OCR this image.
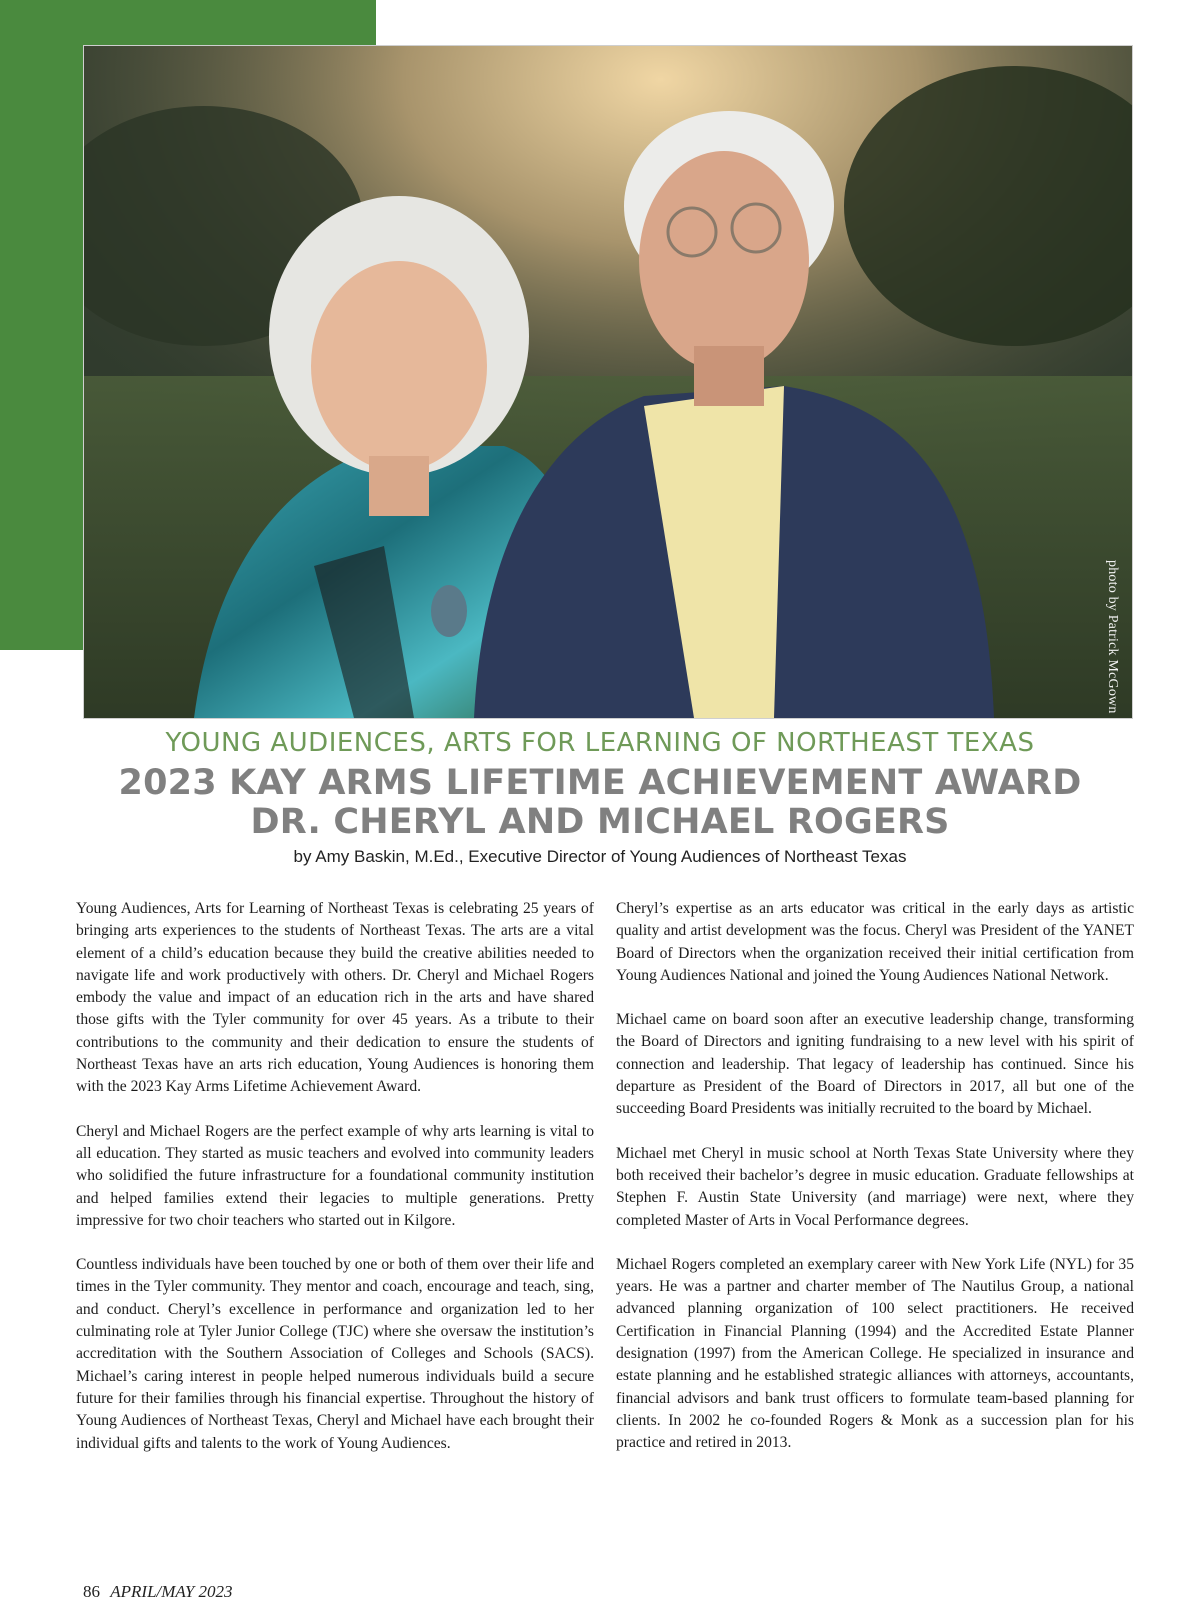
photo by Patrick McGown
YOUNG AUDIENCES, ARTS FOR LEARNING OF NORTHEAST TEXAS
2023 KAY ARMS LIFETIME ACHIEVEMENT AWARD
DR. CHERYL AND MICHAEL ROGERS
by Amy Baskin, M.Ed., Executive Director of Young Audiences of Northeast Texas

Young Audiences, Arts for Learning of Northeast Texas is celebrating 25 years of bringing arts experiences to the students of Northeast Texas. The arts are a vital element of a child’s education because they build the creative abilities needed to navigate life and work productively with others. Dr. Cheryl and Michael Rogers embody the value and impact of an education rich in the arts and have shared those gifts with the Tyler community for over 45 years. As a tribute to their contributions to the community and their dedication to ensure the students of Northeast Texas have an arts rich education, Young Audiences is honoring them with the 2023 Kay Arms Lifetime Achievement Award.

Cheryl and Michael Rogers are the perfect example of why arts learning is vital to all education. They started as music teachers and evolved into community leaders who solidified the future infrastructure for a foundational community institution and helped families extend their legacies to multiple generations. Pretty impressive for two choir teachers who started out in Kilgore.

Countless individuals have been touched by one or both of them over their life and times in the Tyler community. They mentor and coach, encourage and teach, sing, and conduct. Cheryl’s excellence in performance and organization led to her culminating role at Tyler Junior College (TJC) where she oversaw the institution’s accreditation with the Southern Association of Colleges and Schools (SACS). Michael’s caring interest in people helped numerous individuals build a secure future for their families through his financial expertise. Throughout the history of Young Audiences of Northeast Texas, Cheryl and Michael have each brought their individual gifts and talents to the work of Young Audiences.

Cheryl’s expertise as an arts educator was critical in the early days as artistic quality and artist development was the focus. Cheryl was President of the YANET Board of Directors when the organization received their initial certification from Young Audiences National and joined the Young Audiences National Network.

Michael came on board soon after an executive leadership change, transforming the Board of Directors and igniting fundraising to a new level with his spirit of connection and leadership. That legacy of leadership has continued. Since his departure as President of the Board of Directors in 2017, all but one of the succeeding Board Presidents was initially recruited to the board by Michael.

Michael met Cheryl in music school at North Texas State University where they both received their bachelor’s degree in music education. Graduate fellowships at Stephen F. Austin State University (and marriage) were next, where they completed Master of Arts in Vocal Performance degrees.

Michael Rogers completed an exemplary career with New York Life (NYL) for 35 years. He was a partner and charter member of The Nautilus Group, a national advanced planning organization of 100 select practitioners. He received Certification in Financial Planning (1994) and the Accredited Estate Planner designation (1997) from the American College. He specialized in insurance and estate planning and he established strategic alliances with attorneys, accountants, financial advisors and bank trust officers to formulate team-based planning for clients. In 2002 he co-founded Rogers & Monk as a succession plan for his practice and retired in 2013.

86 APRIL/MAY 2023
